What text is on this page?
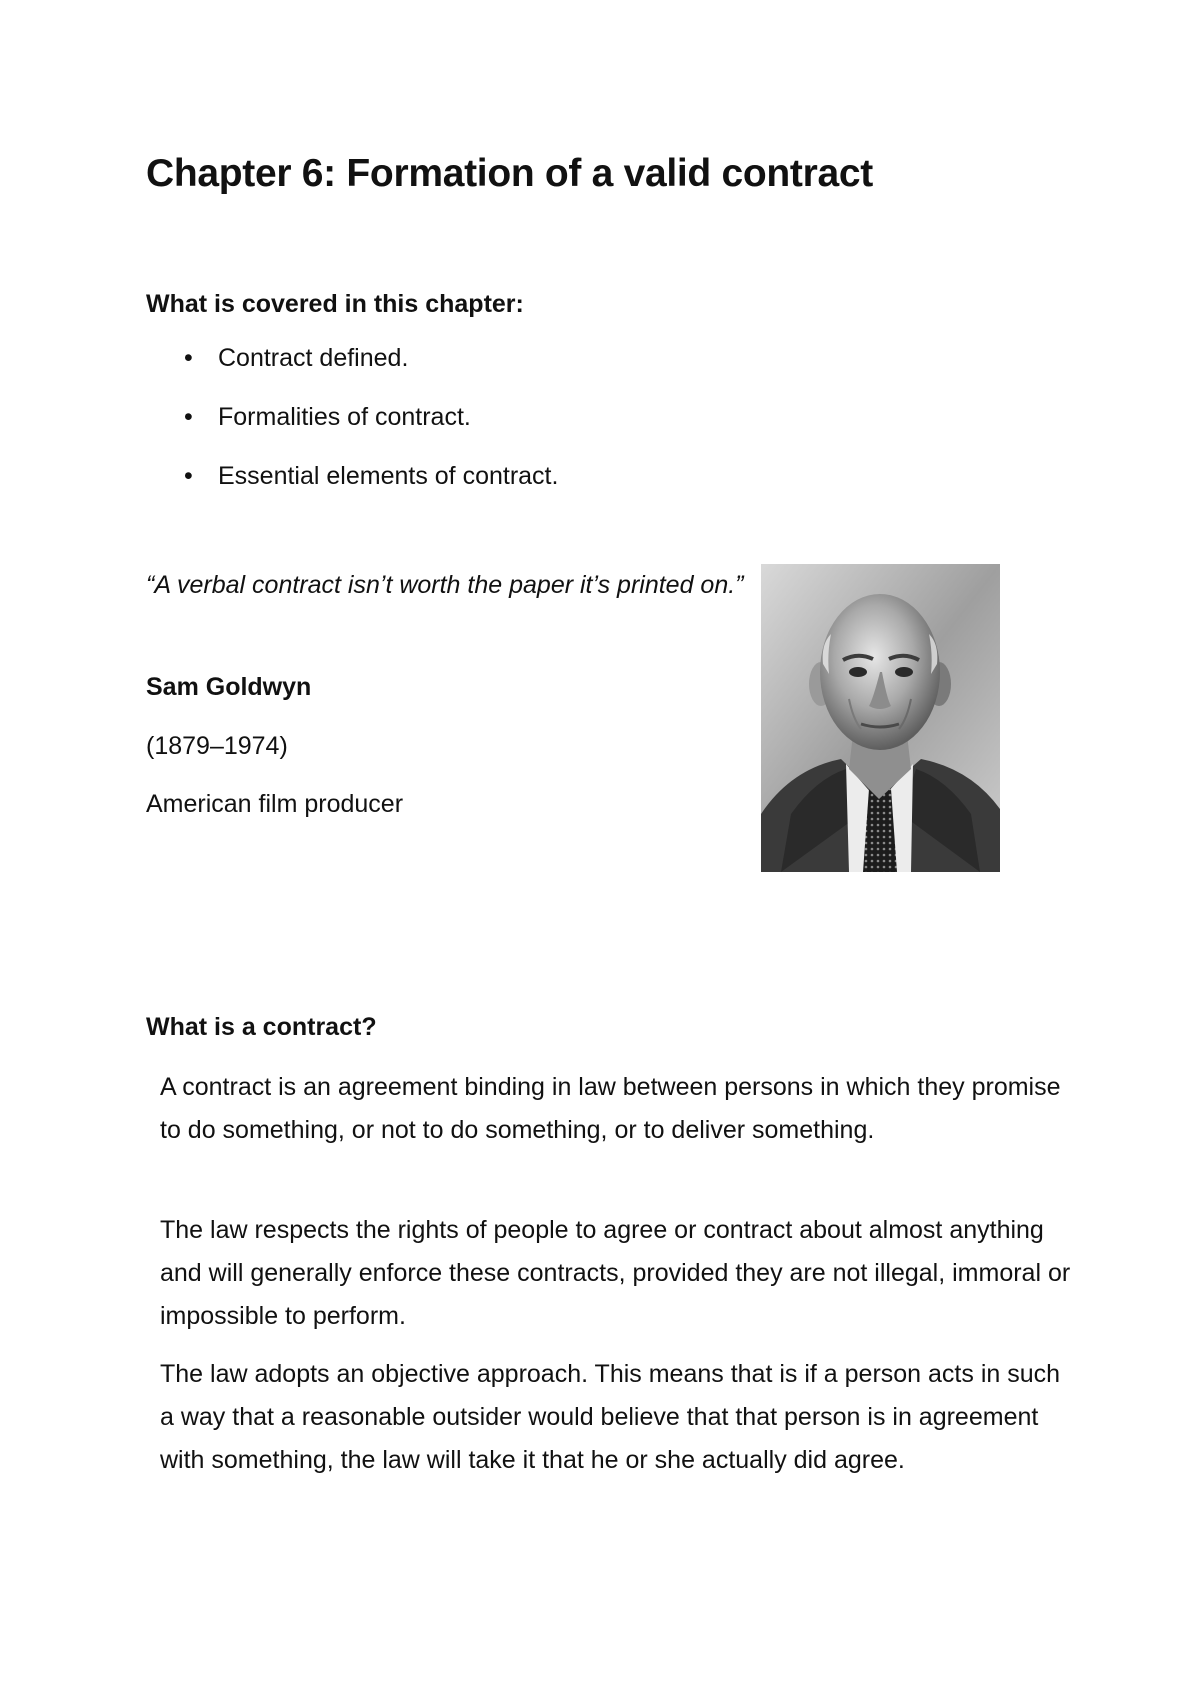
Chapter 6: Formation of a valid contract
What is covered in this chapter:
• Contract defined.
• Formalities of contract.
• Essential elements of contract.

“A verbal contract isn’t worth the paper it’s printed on.”

Sam Goldwyn

(1879–1974)

American film producer

What is a contract?

A contract is an agreement binding in law between persons in which they promise to do something, or not to do something, or to deliver something.

The law respects the rights of people to agree or contract about almost anything and will generally enforce these contracts, provided they are not illegal, immoral or impossible to perform.

The law adopts an objective approach. This means that is if a person acts in such a way that a reasonable outsider would believe that that person is in agreement with something, the law will take it that he or she actually did agree.
